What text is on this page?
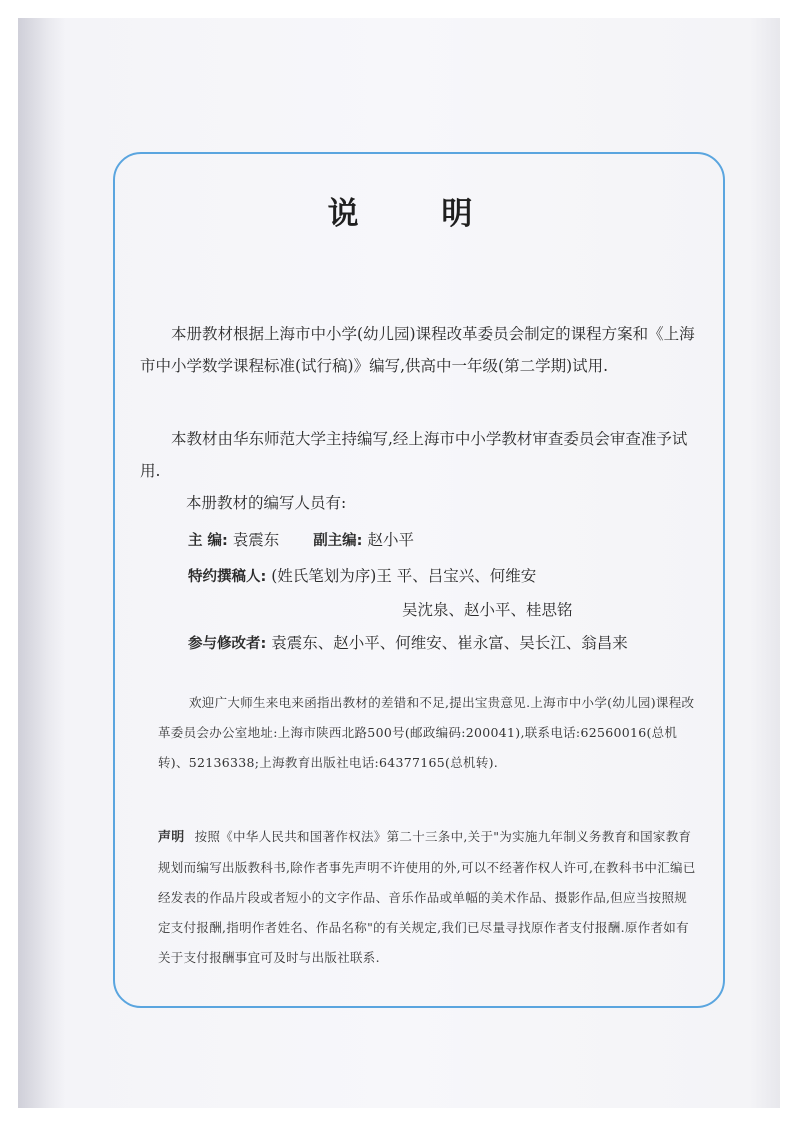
说 明
本册教材根据上海市中小学(幼儿园)课程改革委员会制定的课程方案和《上海市中小学数学课程标准(试行稿)》编写,供高中一年级(第二学期)试用.
本教材由华东师范大学主持编写,经上海市中小学教材审查委员会审查准予试用.
本册教材的编写人员有:
主 编: 袁震东 副主编: 赵小平
特约撰稿人: (姓氏笔划为序)王 平、吕宝兴、何维安
吴沈泉、赵小平、桂思铭
参与修改者: 袁震东、赵小平、何维安、崔永富、吴长江、翁昌来
欢迎广大师生来电来函指出教材的差错和不足,提出宝贵意见.上海市中小学(幼儿园)课程改革委员会办公室地址:上海市陕西北路500号(邮政编码:200041),联系电话:62560016(总机转)、52136338;上海教育出版社电话:64377165(总机转).
声明 按照《中华人民共和国著作权法》第二十三条中,关于"为实施九年制义务教育和国家教育规划而编写出版教科书,除作者事先声明不许使用的外,可以不经著作权人许可,在教科书中汇编已经发表的作品片段或者短小的文字作品、音乐作品或单幅的美术作品、摄影作品,但应当按照规定支付报酬,指明作者姓名、作品名称"的有关规定,我们已尽量寻找原作者支付报酬.原作者如有关于支付报酬事宜可及时与出版社联系.
